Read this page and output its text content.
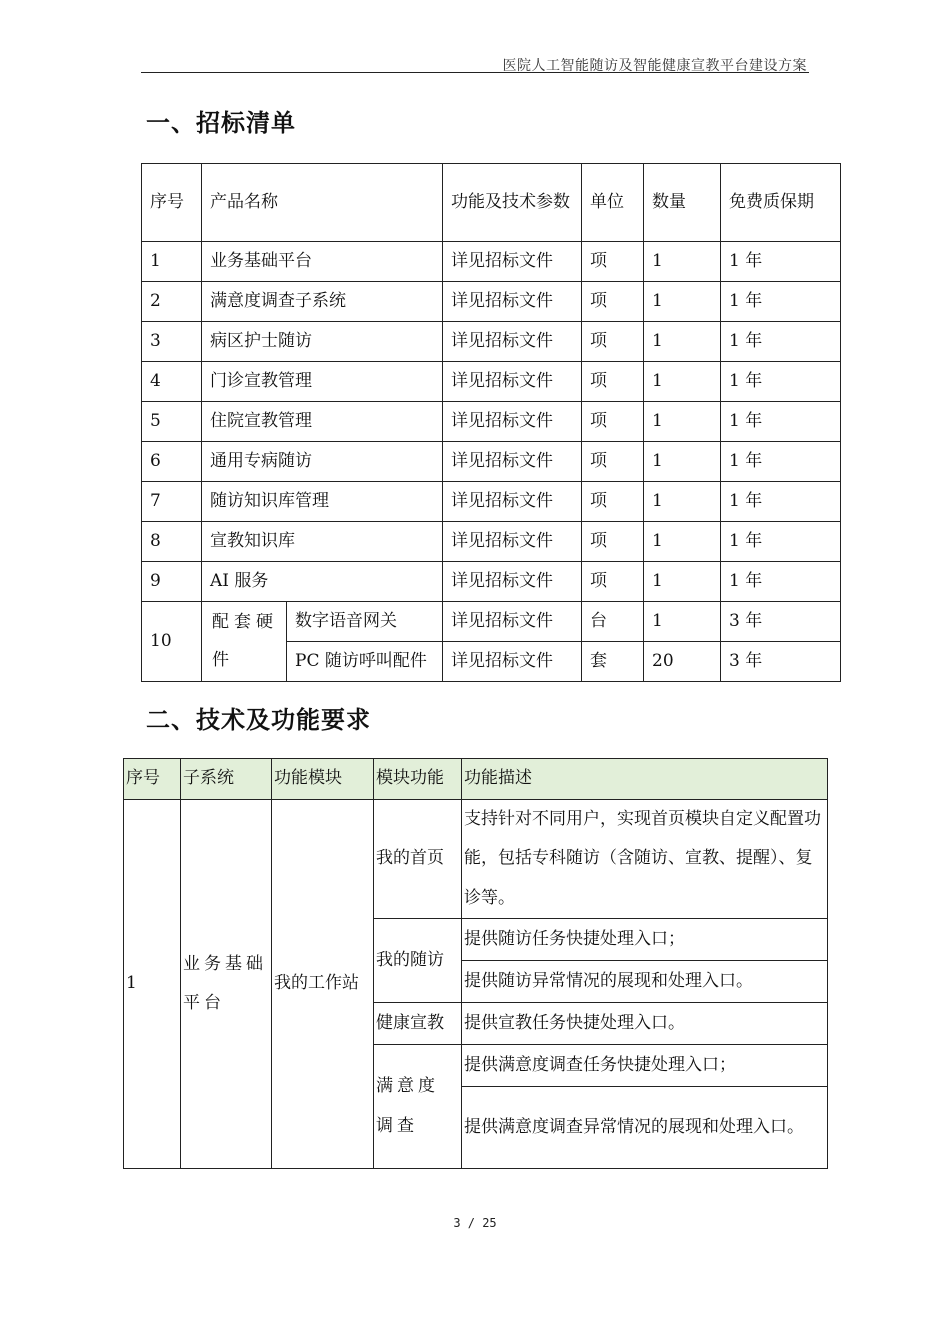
医院人工智能随访及智能健康宣教平台建设方案
一、招标清单
序号	产品名称		功能及技术参数	单位	数量	免费质保期
1	业务基础平台		详见招标文件	项	1	1 年
2	满意度调查子系统		详见招标文件	项	1	1 年
3	病区护士随访		详见招标文件	项	1	1 年
4	门诊宣教管理		详见招标文件	项	1	1 年
5	住院宣教管理		详见招标文件	项	1	1 年
6	通用专病随访		详见招标文件	项	1	1 年
7	随访知识库管理		详见招标文件	项	1	1 年
8	宣教知识库		详见招标文件	项	1	1 年
9	AI 服务		详见招标文件	项	1	1 年
10	配套硬件	数字语音网关	详见招标文件	台	1	3 年
		PC 随访呼叫配件	详见招标文件	套	20	3 年
二、技术及功能要求
序号	子系统	功能模块	模块功能	功能描述
1	业务基础平台	我的工作站	我的首页	支持针对不同用户，实现首页模块自定义配置功能，包括专科随访（含随访、宣教、提醒）、复诊等。
			我的随访	提供随访任务快捷处理入口；
				提供随访异常情况的展现和处理入口。
			健康宣教	提供宣教任务快捷处理入口。
			满意度调查	提供满意度调查任务快捷处理入口；
				提供满意度调查异常情况的展现和处理入口。
3 / 25
